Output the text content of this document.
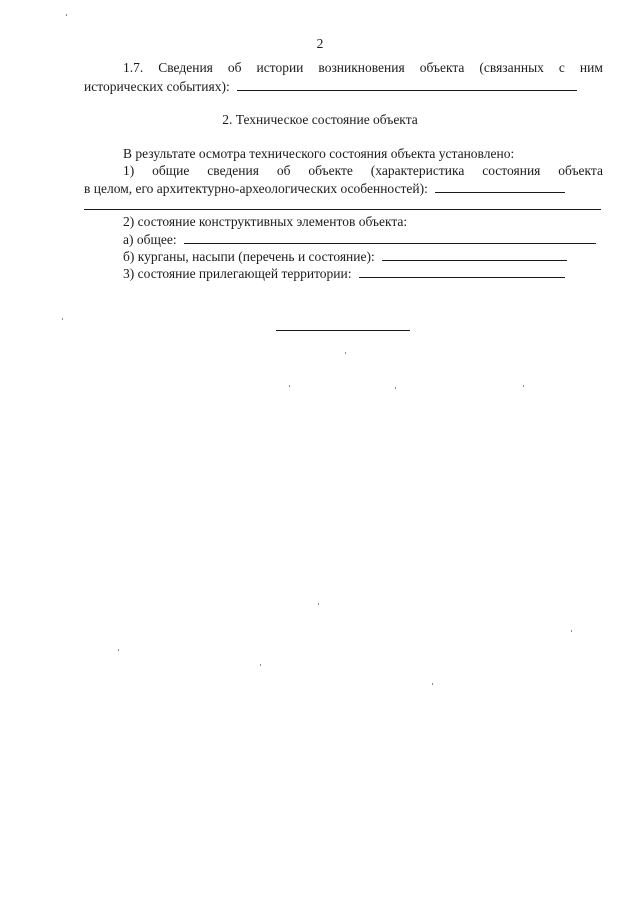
2
1.7. Сведения об истории возникновения объекта (связанных с ним
исторических событиях):
2. Техническое состояние объекта
В результате осмотра технического состояния объекта установлено:
1) общие сведения об объекте (характеристика состояния объекта
в целом, его архитектурно-археологических особенностей):
2) состояние конструктивных элементов объекта:
а) общее:
б) курганы, насыпи (перечень и состояние):
3) состояние прилегающей территории:
